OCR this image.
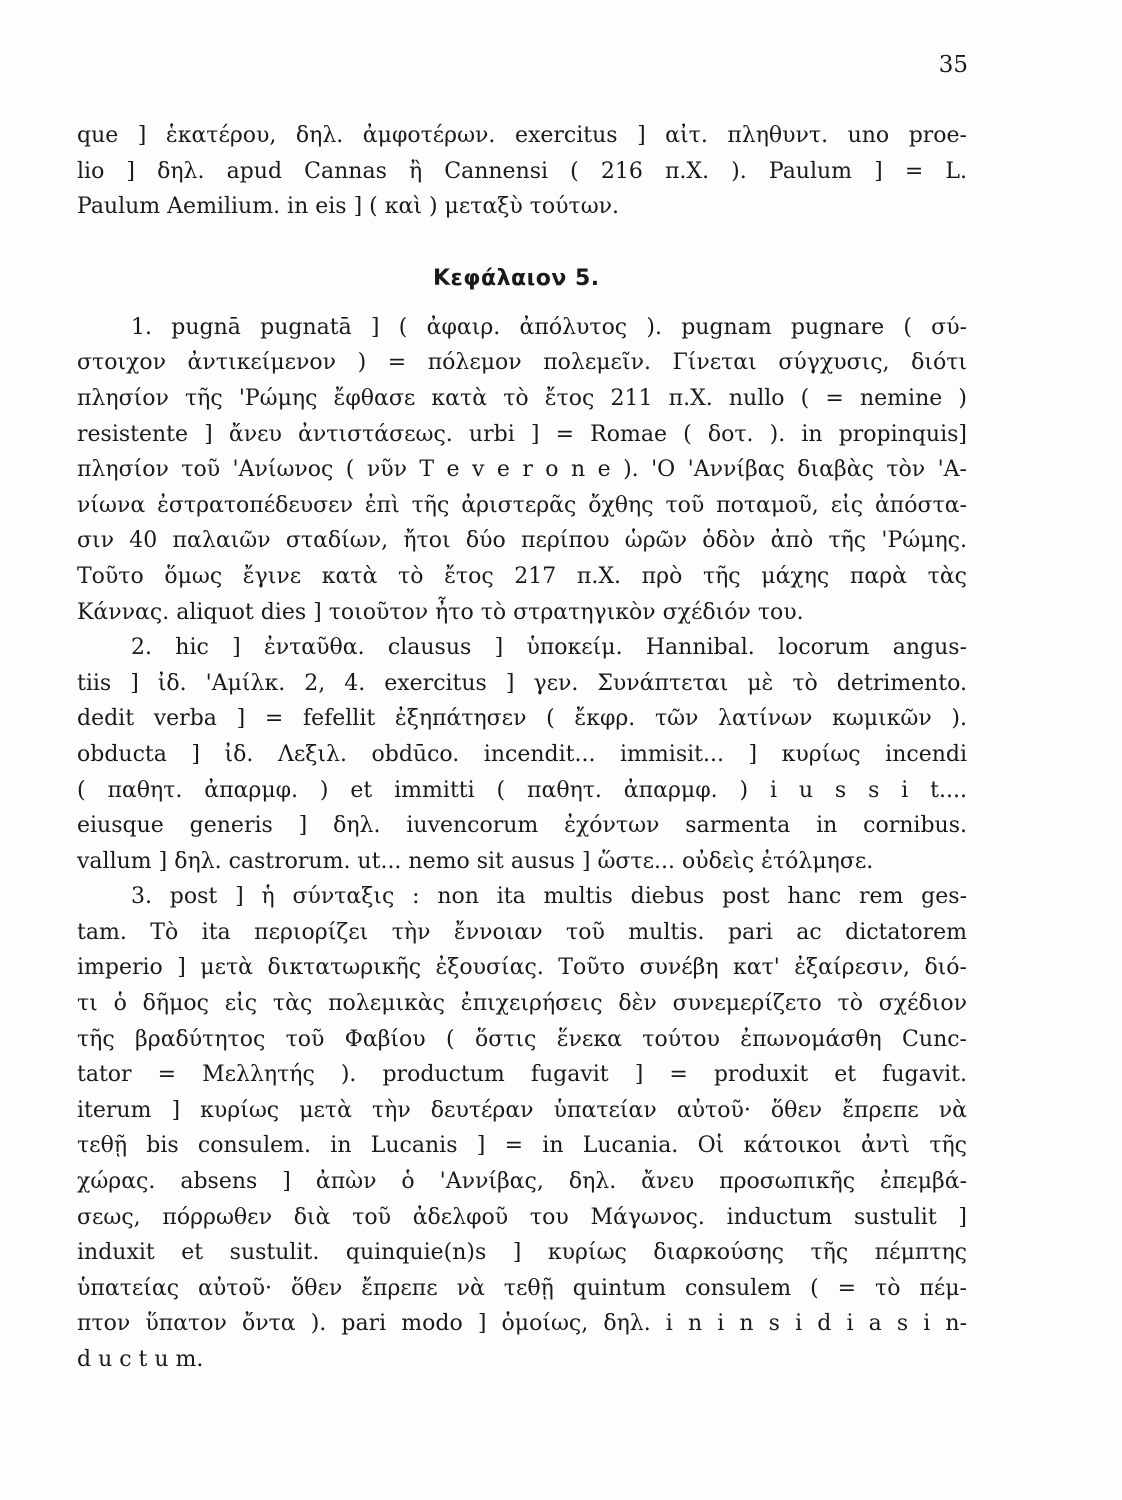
35
que ] ἑκατέρου, δηλ. ἀμφοτέρων. exercitus ] αἰτ. πληθυντ. uno proe-
lio ] δηλ. apud Cannas ἢ Cannensi ( 216 π.Χ. ). Paulum ] = L.
Paulum Aemilium. in eis ] ( καὶ ) μεταξὺ τούτων.
Κεφάλαιον 5.
1. pugnā pugnatā ] ( ἀφαιρ. ἀπόλυτος ). pugnam pugnare ( σύ-
στοιχον ἀντικείμενον ) = πόλεμον πολεμεῖν. Γίνεται σύγχυσις, διότι
πλησίον τῆς 'Ρώμης ἔφθασε κατὰ τὸ ἔτος 211 π.Χ. nullo ( = nemine )
resistente ] ἄνευ ἀντιστάσεως. urbi ] = Romae ( δοτ. ). in propinquis]
πλησίον τοῦ 'Ανίωνος ( νῦν T e v e r o n e ). 'Ο 'Αννίβας διαβὰς τὸν 'Α-
νίωνα ἐστρατοπέδευσεν ἐπὶ τῆς ἀριστερᾶς ὄχθης τοῦ ποταμοῦ, εἰς ἀπόστα-
σιν 40 παλαιῶν σταδίων, ἤτοι δύο περίπου ὡρῶν ὁδὸν ἀπὸ τῆς 'Ρώμης.
Τοῦτο ὅμως ἔγινε κατὰ τὸ ἔτος 217 π.Χ. πρὸ τῆς μάχης παρὰ τὰς
Κάννας. aliquot dies ] τοιοῦτον ἦτο τὸ στρατηγικὸν σχέδιόν του.
2. hic ] ἐνταῦθα. clausus ] ὑποκείμ. Hannibal. locorum angus-
tiis ] ἰδ. 'Αμίλκ. 2, 4. exercitus ] γεν. Συνάπτεται μὲ τὸ detrimento.
dedit verba ] = fefellit ἐξηπάτησεν ( ἔκφρ. τῶν λατίνων κωμικῶν ).
obducta ] ἰδ. Λεξιλ. obdūco. incendit... immisit... ] κυρίως incendi
( παθητ. ἀπαρμφ. ) et immitti ( παθητ. ἀπαρμφ. ) i u s s i t....
eiusque generis ] δηλ. iuvencorum ἐχόντων sarmenta in cornibus.
vallum ] δηλ. castrorum. ut... nemo sit ausus ] ὥστε... οὐδεὶς ἐτόλμησε.
3. post ] ἡ σύνταξις : non ita multis diebus post hanc rem ges-
tam. Τὸ ita περιορίζει τὴν ἔννοιαν τοῦ multis. pari ac dictatorem
imperio ] μετὰ δικτατωρικῆς ἐξουσίας. Τοῦτο συνέβη κατ' ἐξαίρεσιν, διό-
τι ὁ δῆμος εἰς τὰς πολεμικὰς ἐπιχειρήσεις δὲν συνεμερίζετο τὸ σχέδιον
τῆς βραδύτητος τοῦ Φαβίου ( ὅστις ἕνεκα τούτου ἐπωνομάσθη Cunc-
tator = Μελλητής ). productum fugavit ] = produxit et fugavit.
iterum ] κυρίως μετὰ τὴν δευτέραν ὑπατείαν αὐτοῦ· ὅθεν ἔπρεπε νὰ
τεθῇ bis consulem. in Lucanis ] = in Lucania. Οἱ κάτοικοι ἀντὶ τῆς
χώρας. absens ] ἀπὼν ὁ 'Αννίβας, δηλ. ἄνευ προσωπικῆς ἐπεμβά-
σεως, πόρρωθεν διὰ τοῦ ἀδελφοῦ του Μάγωνος. inductum sustulit ]
induxit et sustulit. quinquie(n)s ] κυρίως διαρκούσης τῆς πέμπτης
ὑπατείας αὐτοῦ· ὅθεν ἔπρεπε νὰ τεθῇ quintum consulem ( = τὸ πέμ-
πτον ὕπατον ὄντα ). pari modo ] ὁμοίως, δηλ. i n i n s i d i a s i n-
d u c t u m.
